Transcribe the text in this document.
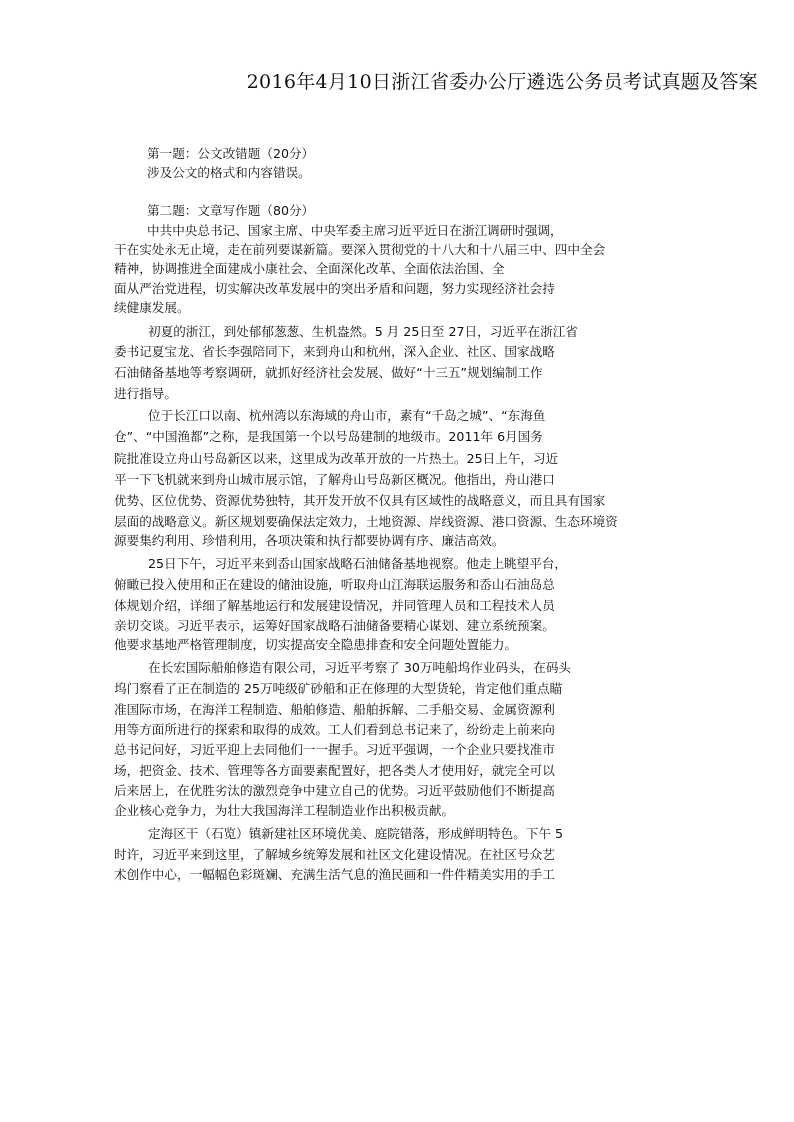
2016年4月10日浙江省委办公厅遴选公务员考试真题及答案
第一题：公文改错题（20分）
涉及公文的格式和内容错误。
第二题：文章写作题（80分）
中共中央总书记、国家主席、中央军委主席习近平近日在浙江调研时强调，
干在实处永无止境，走在前列要谋新篇。要深入贯彻党的十八大和十八届三中、四中全会
精神，协调推进全面建成小康社会、全面深化改革、全面依法治国、全
面从严治党进程，切实解决改革发展中的突出矛盾和问题，努力实现经济社会持
续健康发展。
初夏的浙江，到处郁郁葱葱、生机盎然。5 月 25日至 27日，习近平在浙江省
委书记夏宝龙、省长李强陪同下，来到舟山和杭州，深入企业、社区、国家战略
石油储备基地等考察调研，就抓好经济社会发展、做好“十三五”规划编制工作
进行指导。
位于长江口以南、杭州湾以东海域的舟山市，素有“千岛之城”、“东海鱼
仓”、“中国渔都”之称，是我国第一个以号岛建制的地级市。2011年 6月国务
院批准设立舟山号岛新区以来，这里成为改革开放的一片热土。25日上午，习近
平一下飞机就来到舟山城市展示馆，了解舟山号岛新区概况。他指出，舟山港口
优势、区位优势、资源优势独特，其开发开放不仅具有区域性的战略意义，而且具有国家
层面的战略意义。新区规划要确保法定效力，土地资源、岸线资源、港口资源、生态环境资
源要集约利用、珍惜利用，各项决策和执行都要协调有序、廉洁高效。
25日下午，习近平来到岙山国家战略石油储备基地视察。他走上眺望平台，
俯瞰已投入使用和正在建设的储油设施，听取舟山江海联运服务和岙山石油岛总
体规划介绍，详细了解基地运行和发展建设情况，并同管理人员和工程技术人员
亲切交谈。习近平表示，运筹好国家战略石油储备要精心谋划、建立系统预案。
他要求基地严格管理制度，切实提高安全隐患排查和安全问题处置能力。
在长宏国际船舶修造有限公司，习近平考察了 30万吨船坞作业码头，在码头
坞门察看了正在制造的 25万吨级矿砂船和正在修理的大型货轮，肯定他们重点瞄
准国际市场，在海洋工程制造、船舶修造、船舶拆解、二手船交易、金属资源利
用等方面所进行的探索和取得的成效。工人们看到总书记来了，纷纷走上前来向
总书记问好，习近平迎上去同他们一一握手。习近平强调，一个企业只要找准市
场，把资金、技术、管理等各方面要素配置好，把各类人才使用好，就完全可以
后来居上，在优胜劣汰的激烈竞争中建立自己的优势。习近平鼓励他们不断提高
企业核心竞争力，为壮大我国海洋工程制造业作出积极贡献。
定海区干（石览）镇新建社区环境优美、庭院错落，形成鲜明特色。下午 5
时许，习近平来到这里，了解城乡统筹发展和社区文化建设情况。在社区号众艺
术创作中心，一幅幅色彩斑斓、充满生活气息的渔民画和一件件精美实用的手工
